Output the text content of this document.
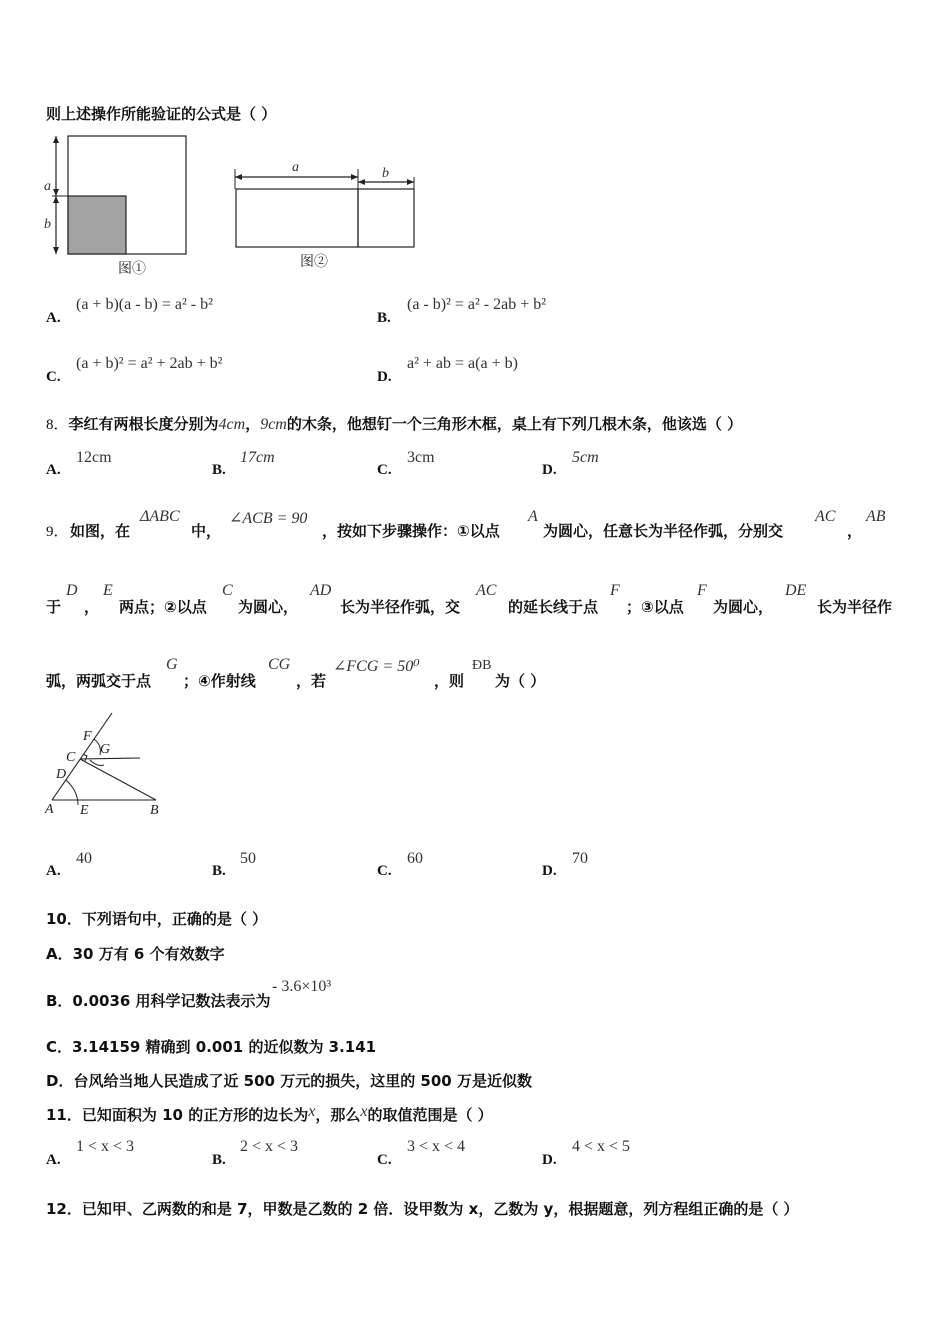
则上述操作所能验证的公式是（ ）
a
b
图①
a	b
图②
A.
(a + b)(a - b) = a² - b²
B.
(a - b)² = a² - 2ab + b²
C.
(a + b)² = a² + 2ab + b²
D.
a² + ab = a(a + b)
8．李红有两根长度分别为4cm，9cm的木条，他想钉一个三角形木框，桌上有下列几根木条，他该选（ ）
A.
12cm
B.
17cm
C.
3cm
D.
5cm
9． 如图，在
ΔABC
中，
∠ACB = 90
，按如下步骤操作：①以点
A
为圆心，任意长为半径作弧，分别交
AC
，
AB
于
D
，
E
两点；②以点
C
为圆心，
AD
长为半径作弧，交
AC
的延长线于点
F
；③以点
F
为圆心，
DE
长为半径作
弧，两弧交于点
G
；④作射线
CG
，若
∠FCG = 50⁰
，则
ÐB
为（ ）
F
G
C
D
A E	B
A.
40
B.
50
C.
60
D.
70
10．下列语句中，正确的是（ ）
A．30 万有 6 个有效数字
B．0.0036 用科学记数法表示为
- 3.6×10³
C．3.14159 精确到 0.001 的近似数为 3.141
D．台风给当地人民造成了近 500 万元的损失，这里的 500 万是近似数
11．已知面积为 10 的正方形的边长为x，那么x的取值范围是（ ）
A.
1 < x < 3
B.
2 < x < 3
C.
3 < x < 4
D.
4 < x < 5
12．已知甲、乙两数的和是 7，甲数是乙数的 2 倍．设甲数为 x，乙数为 y，根据题意，列方程组正确的是（ ）
